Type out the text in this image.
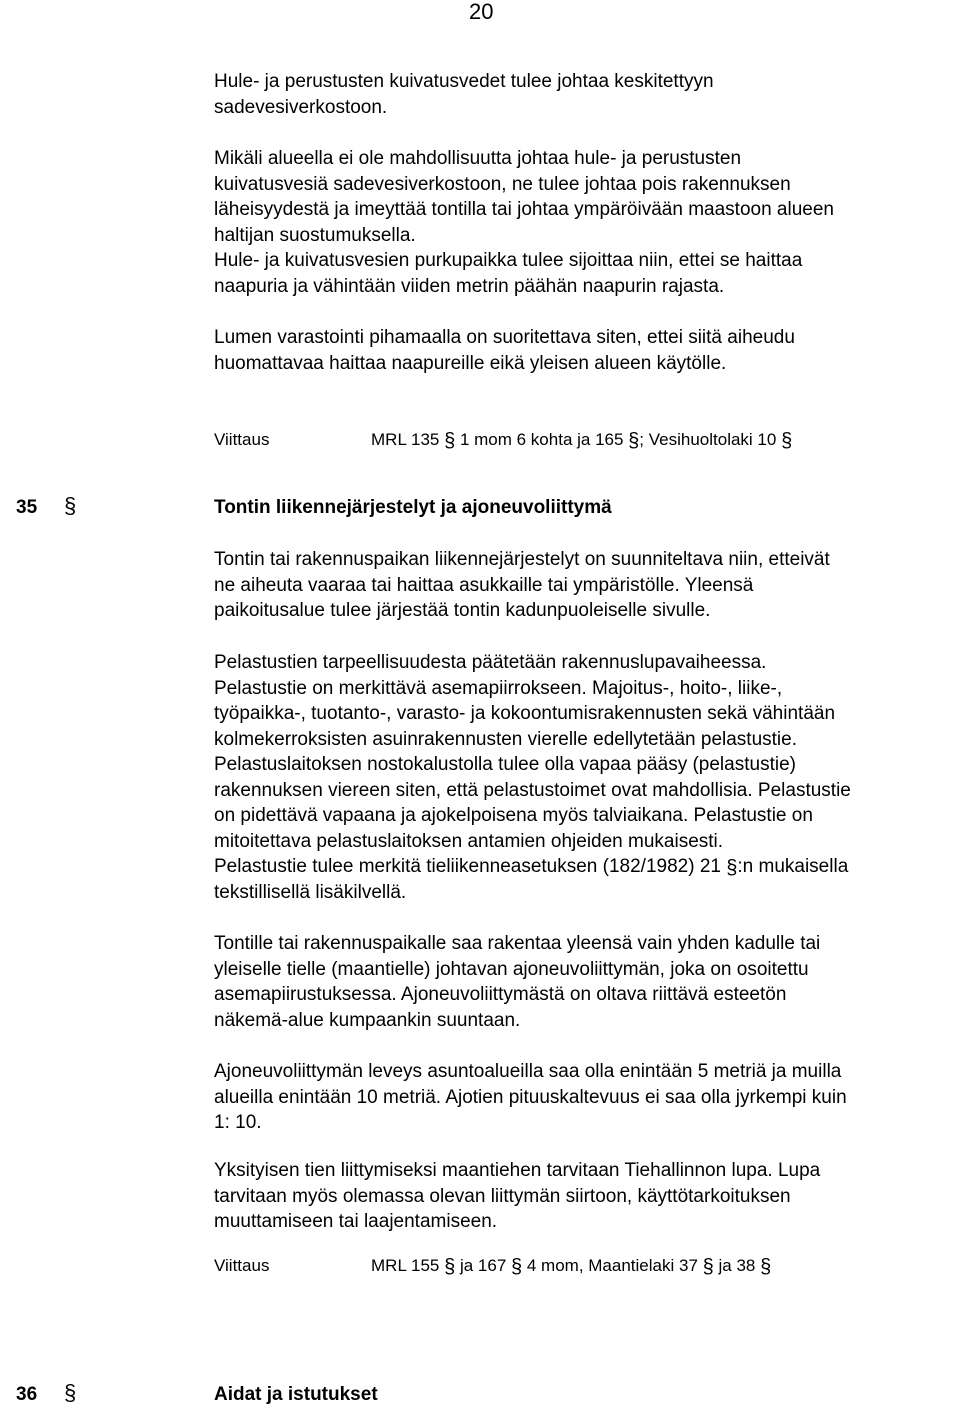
20

Hule- ja perustusten kuivatusvedet tulee johtaa keskitettyyn
sadevesiverkostoon.

Mikäli alueella ei ole mahdollisuutta johtaa hule- ja perustusten
kuivatusvesiä sadevesiverkostoon, ne tulee johtaa pois rakennuksen
läheisyydestä ja imeyttää tontilla tai johtaa ympäröivään maastoon alueen
haltijan suostumuksella.
Hule- ja kuivatusvesien purkupaikka tulee sijoittaa niin, ettei se haittaa
naapuria ja vähintään viiden metrin päähän naapurin rajasta.

Lumen varastointi pihamaalla on suoritettava siten, ettei siitä aiheudu
huomattavaa haittaa naapureille eikä yleisen alueen käytölle.

Viittaus	MRL 135 § 1 mom 6 kohta ja 165 §; Vesihuoltolaki 10 §
35 §	Tontin liikennejärjestelyt ja ajoneuvoliittymä

Tontin tai rakennuspaikan liikennejärjestelyt on suunniteltava niin, etteivät
ne aiheuta vaaraa tai haittaa asukkaille tai ympäristölle. Yleensä
paikoitusalue tulee järjestää tontin kadunpuoleiselle sivulle.

Pelastustien tarpeellisuudesta päätetään rakennuslupavaiheessa.
Pelastustie on merkittävä asemapiirrokseen. Majoitus-, hoito-, liike-,
työpaikka-, tuotanto-, varasto- ja kokoontumisrakennusten sekä vähintään
kolmekerroksisten asuinrakennusten vierelle edellytetään pelastustie.
Pelastuslaitoksen nostokalustolla tulee olla vapaa pääsy (pelastustie)
rakennuksen viereen siten, että pelastustoimet ovat mahdollisia. Pelastustie
on pidettävä vapaana ja ajokelpoisena myös talviaikana. Pelastustie on
mitoitettava pelastuslaitoksen antamien ohjeiden mukaisesti.

Pelastustie tulee merkitä tieliikenneasetuksen (182/1982) 21 §:n mukaisella
tekstillisellä lisäkilvellä.

Tontille tai rakennuspaikalle saa rakentaa yleensä vain yhden kadulle tai
yleiselle tielle (maantielle) johtavan ajoneuvoliittymän, joka on osoitettu
asemapiirustuksessa. Ajoneuvoliittymästä on oltava riittävä esteetön
näkemä-alue kumpaankin suuntaan.

Ajoneuvoliittymän leveys asuntoalueilla saa olla enintään 5 metriä ja muilla
alueilla enintään 10 metriä. Ajotien pituuskaltevuus ei saa olla jyrkempi kuin
1: 10.

Yksityisen tien liittymiseksi maantiehen tarvitaan Tiehallinnon lupa. Lupa
tarvitaan myös olemassa olevan liittymän siirtoon, käyttötarkoituksen
muuttamiseen tai laajentamiseen.

Viittaus	MRL 155 § ja 167 § 4 mom, Maantielaki 37 § ja 38 §
36 §	Aidat ja istutukset
